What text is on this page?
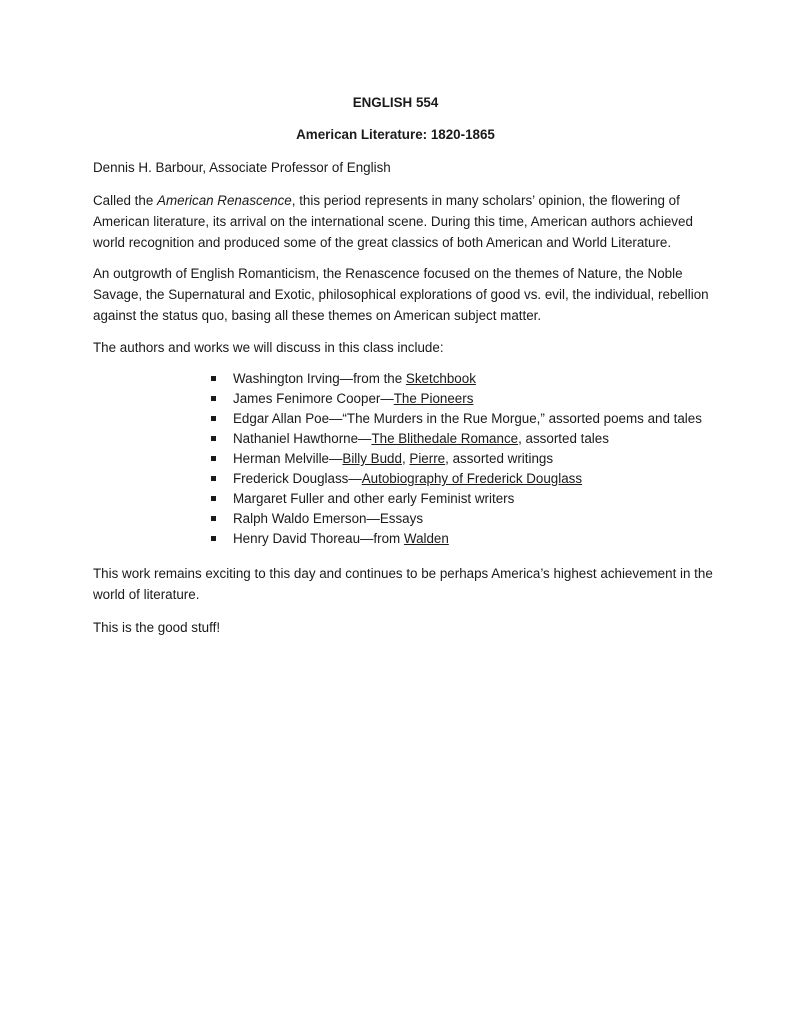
ENGLISH 554

American Literature: 1820-1865

Dennis H. Barbour, Associate Professor of English

Called the American Renascence, this period represents in many scholars’ opinion, the flowering of American literature, its arrival on the international scene. During this time, American authors achieved world recognition and produced some of the great classics of both American and World Literature.

An outgrowth of English Romanticism, the Renascence focused on the themes of Nature, the Noble Savage, the Supernatural and Exotic, philosophical explorations of good vs. evil, the individual, rebellion against the status quo, basing all these themes on American subject matter.

The authors and works we will discuss in this class include:

Washington Irving—from the Sketchbook
James Fenimore Cooper—The Pioneers
Edgar Allan Poe—“The Murders in the Rue Morgue,” assorted poems and tales
Nathaniel Hawthorne—The Blithedale Romance, assorted tales
Herman Melville—Billy Budd, Pierre, assorted writings
Frederick Douglass—Autobiography of Frederick Douglass
Margaret Fuller and other early Feminist writers
Ralph Waldo Emerson—Essays
Henry David Thoreau—from Walden

This work remains exciting to this day and continues to be perhaps America’s highest achievement in the world of literature.

This is the good stuff!
